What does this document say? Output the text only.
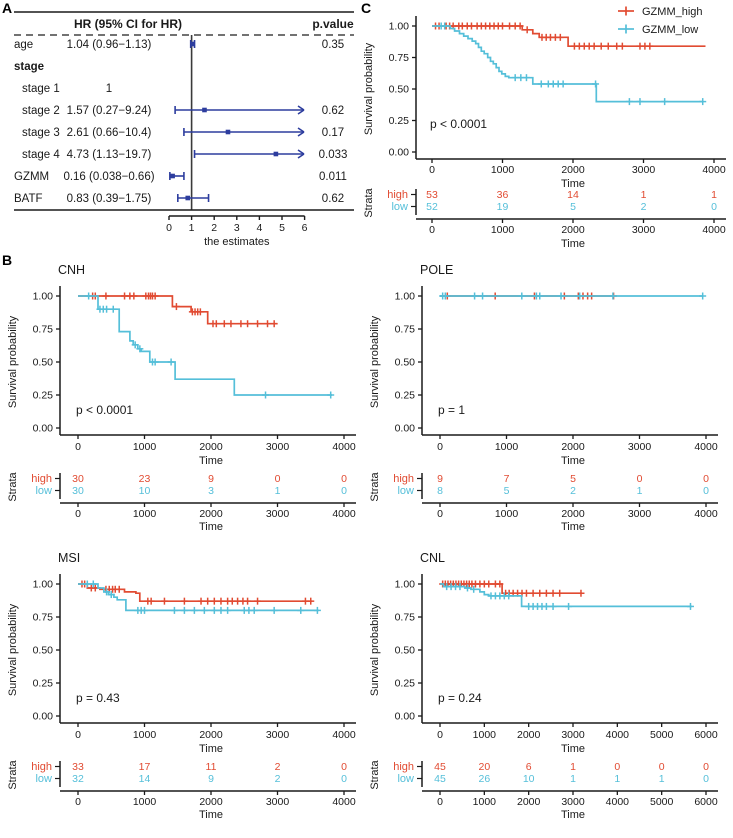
A	C
B
HR (95% CI for HR)	p.value
age	1.04 (0.96−1.13)	0.35
stage
stage 1	1
stage 2 1.57 (0.27−9.24)	0.62
stage 3 2.61 (0.66−10.4)	0.17
stage 4 4.73 (1.13−19.7)	0.033
GZMM 0.16 (0.038−0.66)	0.011
BATF 0.83 (0.39−1.75)	0.62
0 1 2 3 4 5 6
the estimates
1.00
0.75
0.50
0.25
0.00
0	1000	2000	3000	4000
Time
Survival probability	p < 0.0001
GZMM_high
GZMM_low
Strata high 53	36	14	1	1
low 52	19	5	2	0
0	1000	2000	3000	4000
Time
CNH
1.00
0.75
0.50
0.25
0.00
0	1000	2000	3000	4000
Time
Survival probability
p < 0.0001
Strata high 30	23	9	0	0
low 30	10	3	1	0
0	1000	2000	3000	4000
Time
POLE
1.00
0.75
0.50
0.25
0.00
0	1000	2000	3000	4000
Time
Survival probability
p = 1
Strata high 9	7	5	0	0
low 8	5	2	1	0
0	1000	2000	3000	4000
Time
MSI
1.00
0.75
0.50
0.25
0.00
0	1000	2000	3000	4000
Time
Survival probability
p = 0.43
Strata high 33	17	11	2	0
low 32	14	9	2	0
0	1000	2000	3000	4000
Time
CNL
1.00
0.75
0.50
0.25
0.00
0	1000 2000 3000 4000 5000 6000
Time
Survival probability
p = 0.24
Strata high 45	20	6	1	0	0	0
low 45	26	10	1	1	1	0
0	1000 2000 3000 4000 5000 6000
Time
